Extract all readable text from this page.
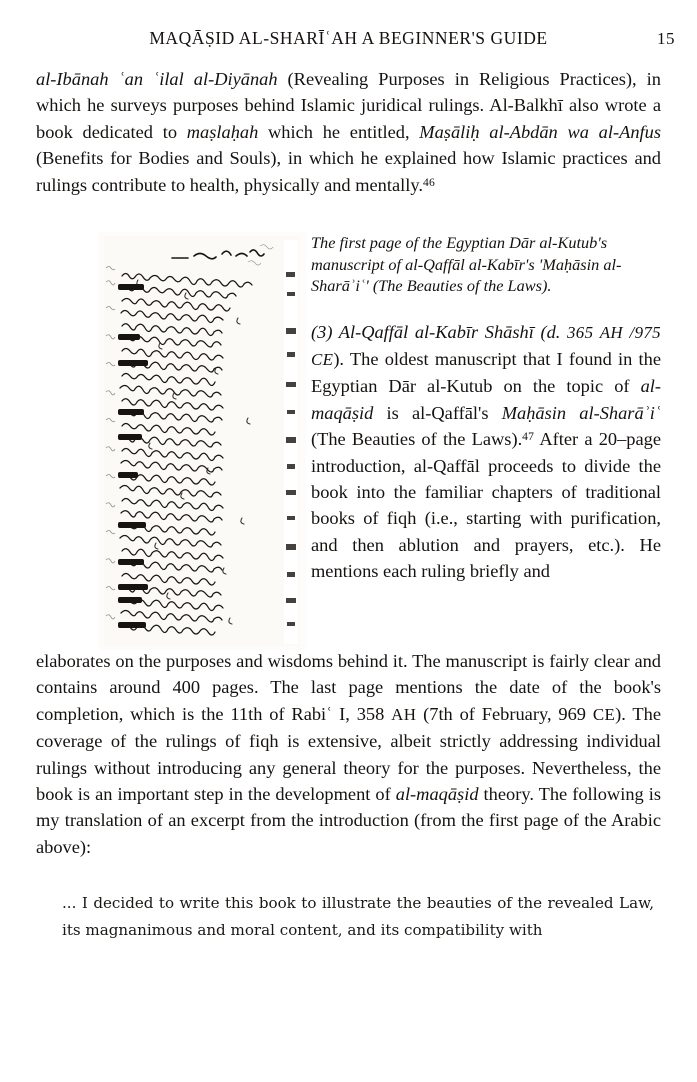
MAQĀṢID AL-SHARĪʿAH A BEGINNER'S GUIDE	15

al-Ibānah ʿan ʿilal al-Diyānah (Revealing Purposes in Religious Practices), in which he surveys purposes behind Islamic juridical rulings. Al-Balkhī also wrote a book dedicated to maṣlaḥah which he entitled, Maṣāliḥ al-Abdān wa al-Anfus (Benefits for Bodies and Souls), in which he explained how Islamic practices and rulings contribute to health, physically and mentally.$^{46}$

The first page of the Egyptian Dār al-Kutub's manuscript of al-Qaffāl al-Kabīr's 'Maḥāsin al-Sharāʾiʿ' (The Beauties of the Laws).

(3) Al-Qaffāl al-Kabīr Shāshī (d. 365 AH /975 CE). The oldest manuscript that I found in the Egyptian Dār al-Kutub on the topic of al-maqāṣid is al-Qaffāl's Maḥāsin al-Sharāʾiʿ (The Beauties of the Laws).$^{47}$ After a 20–page introduction, al-Qaffāl proceeds to divide the book into the familiar chapters of traditional books of fiqh (i.e., starting with purification, and then ablution and prayers, etc.). He mentions each ruling briefly and

elaborates on the purposes and wisdoms behind it. The manuscript is fairly clear and contains around 400 pages. The last page mentions the date of the book's completion, which is the 11th of Rabiʿ I, 358 AH (7th of February, 969 CE). The coverage of the rulings of fiqh is extensive, albeit strictly addressing individual rulings without introducing any general theory for the purposes. Nevertheless, the book is an important step in the development of al-maqāṣid theory. The following is my translation of an excerpt from the introduction (from the first page of the Arabic above):

... I decided to write this book to illustrate the beauties of the revealed Law, its magnanimous and moral content, and its compatibility with
